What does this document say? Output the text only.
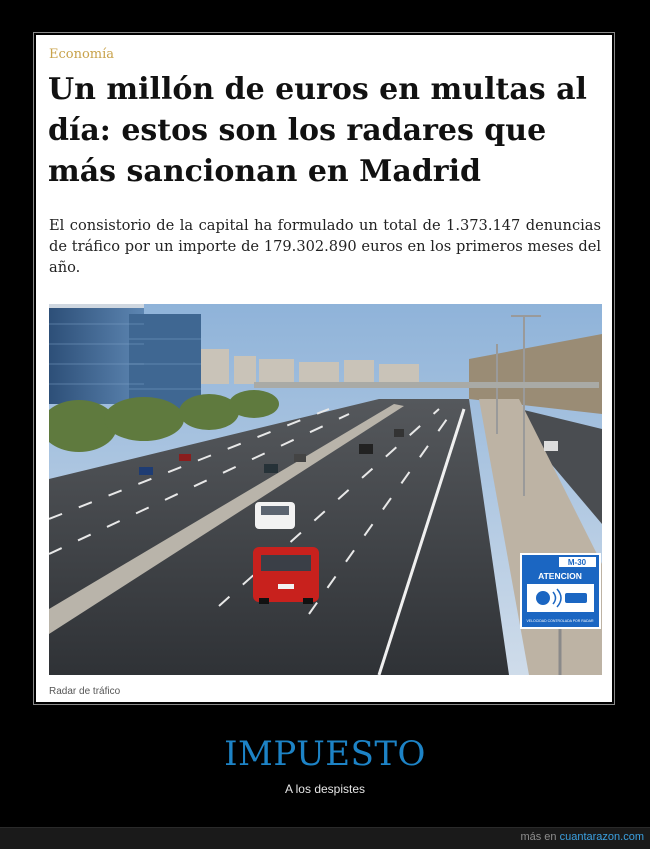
Economía
Un millón de euros en multas al día: estos son los radares que más sancionan en Madrid

El consistorio de la capital ha formulado un total de 1.373.147 denuncias de tráfico por un importe de 179.302.890 euros en los primeros meses del año.

M-30
ATENCION
VELOCIDAD CONTROLADA POR RADAR
Radar de tráfico
IMPUESTO
A los despistes
más en cuantarazon.com
